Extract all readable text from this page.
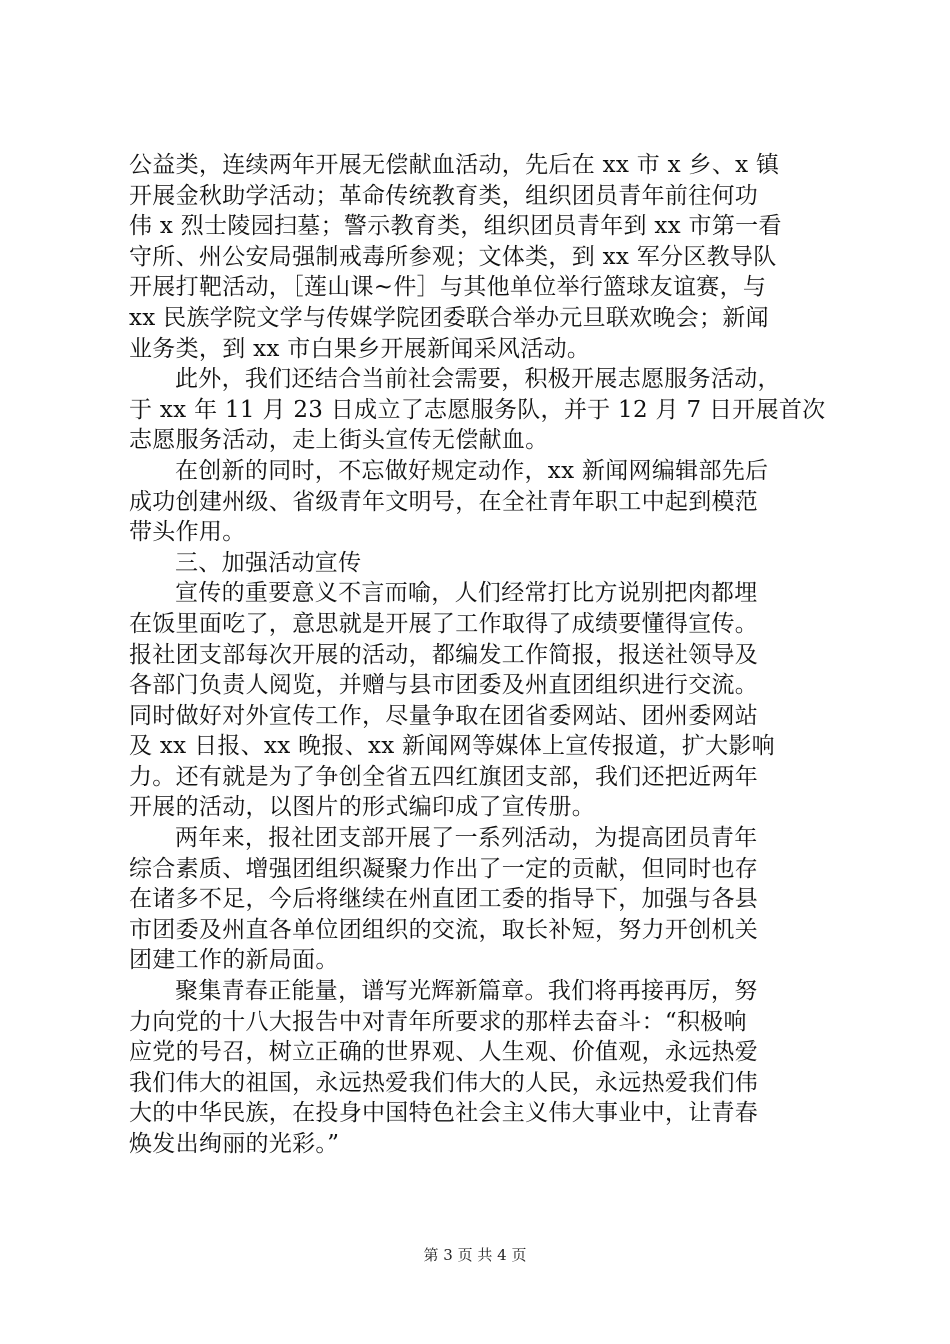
公益类，连续两年开展无偿献血活动，先后在 xx 市 x 乡、x 镇
开展金秋助学活动；革命传统教育类，组织团员青年前往何功
伟 x 烈士陵园扫墓；警示教育类，组织团员青年到 xx 市第一看
守所、州公安局强制戒毒所参观；文体类，到 xx 军分区教导队
开展打靶活动，［莲山课~件］与其他单位举行篮球友谊赛，与
xx 民族学院文学与传媒学院团委联合举办元旦联欢晚会；新闻
业务类，到 xx 市白果乡开展新闻采风活动。
此外，我们还结合当前社会需要，积极开展志愿服务活动，
于 xx 年 11 月 23 日成立了志愿服务队，并于 12 月 7 日开展首次
志愿服务活动，走上街头宣传无偿献血。
在创新的同时，不忘做好规定动作，xx 新闻网编辑部先后
成功创建州级、省级青年文明号，在全社青年职工中起到模范
带头作用。
三、加强活动宣传
宣传的重要意义不言而喻，人们经常打比方说别把肉都埋
在饭里面吃了，意思就是开展了工作取得了成绩要懂得宣传。
报社团支部每次开展的活动，都编发工作简报，报送社领导及
各部门负责人阅览，并赠与县市团委及州直团组织进行交流。
同时做好对外宣传工作，尽量争取在团省委网站、团州委网站
及 xx 日报、xx 晚报、xx 新闻网等媒体上宣传报道，扩大影响
力。还有就是为了争创全省五四红旗团支部，我们还把近两年
开展的活动，以图片的形式编印成了宣传册。
两年来，报社团支部开展了一系列活动，为提高团员青年
综合素质、增强团组织凝聚力作出了一定的贡献，但同时也存
在诸多不足，今后将继续在州直团工委的指导下，加强与各县
市团委及州直各单位团组织的交流，取长补短，努力开创机关
团建工作的新局面。
聚集青春正能量，谱写光辉新篇章。我们将再接再厉，努
力向党的十八大报告中对青年所要求的那样去奋斗：“积极响
应党的号召，树立正确的世界观、人生观、价值观，永远热爱
我们伟大的祖国，永远热爱我们伟大的人民，永远热爱我们伟
大的中华民族，在投身中国特色社会主义伟大事业中，让青春
焕发出绚丽的光彩。”
第 3 页 共 4 页
